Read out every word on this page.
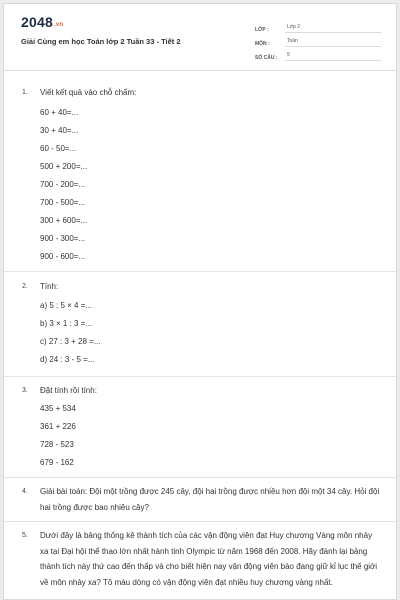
2048.vn
Giải Cùng em học Toán lớp 2 Tuần 33 - Tiết 2
LỚP :	Lớp 2
MÔN :	Toán
SỐ CÂU :	5
1. Viết kết quả vào chỗ chấm:
60 + 40=...
30 + 40=...
60 - 50=...
500 + 200=...
700 - 200=...
700 - 500=...
300 + 600=...
900 - 300=...
900 - 600=...
2. Tính:
a) 5 : 5 × 4 =...
b) 3 × 1 : 3 =...
c) 27 : 3 + 28 =...
d) 24 : 3 - 5 =...
3. Đặt tính rồi tính:
435 + 534
361 + 226
728 - 523
679 - 162
4. Giải bài toán: Đội một trồng được 245 cây, đội hai trồng được nhiều hơn đội một 34 cây. Hỏi đội hai trồng được bao nhiêu cây?
5. Dưới đây là bảng thống kê thành tích của các vận động viên đạt Huy chương Vàng môn nhảy xa tại Đại hội thể thao lớn nhất hành tinh Olympic từ năm 1968 đến 2008. Hãy đánh lại bảng thành tích này thứ cao đến thấp và cho biết hiện nay vận động viên bào đang giữ kỉ lục thế giới về môn nhảy xa? Tô màu dòng có vận động viên đạt nhiều huy chương vàng nhất.
